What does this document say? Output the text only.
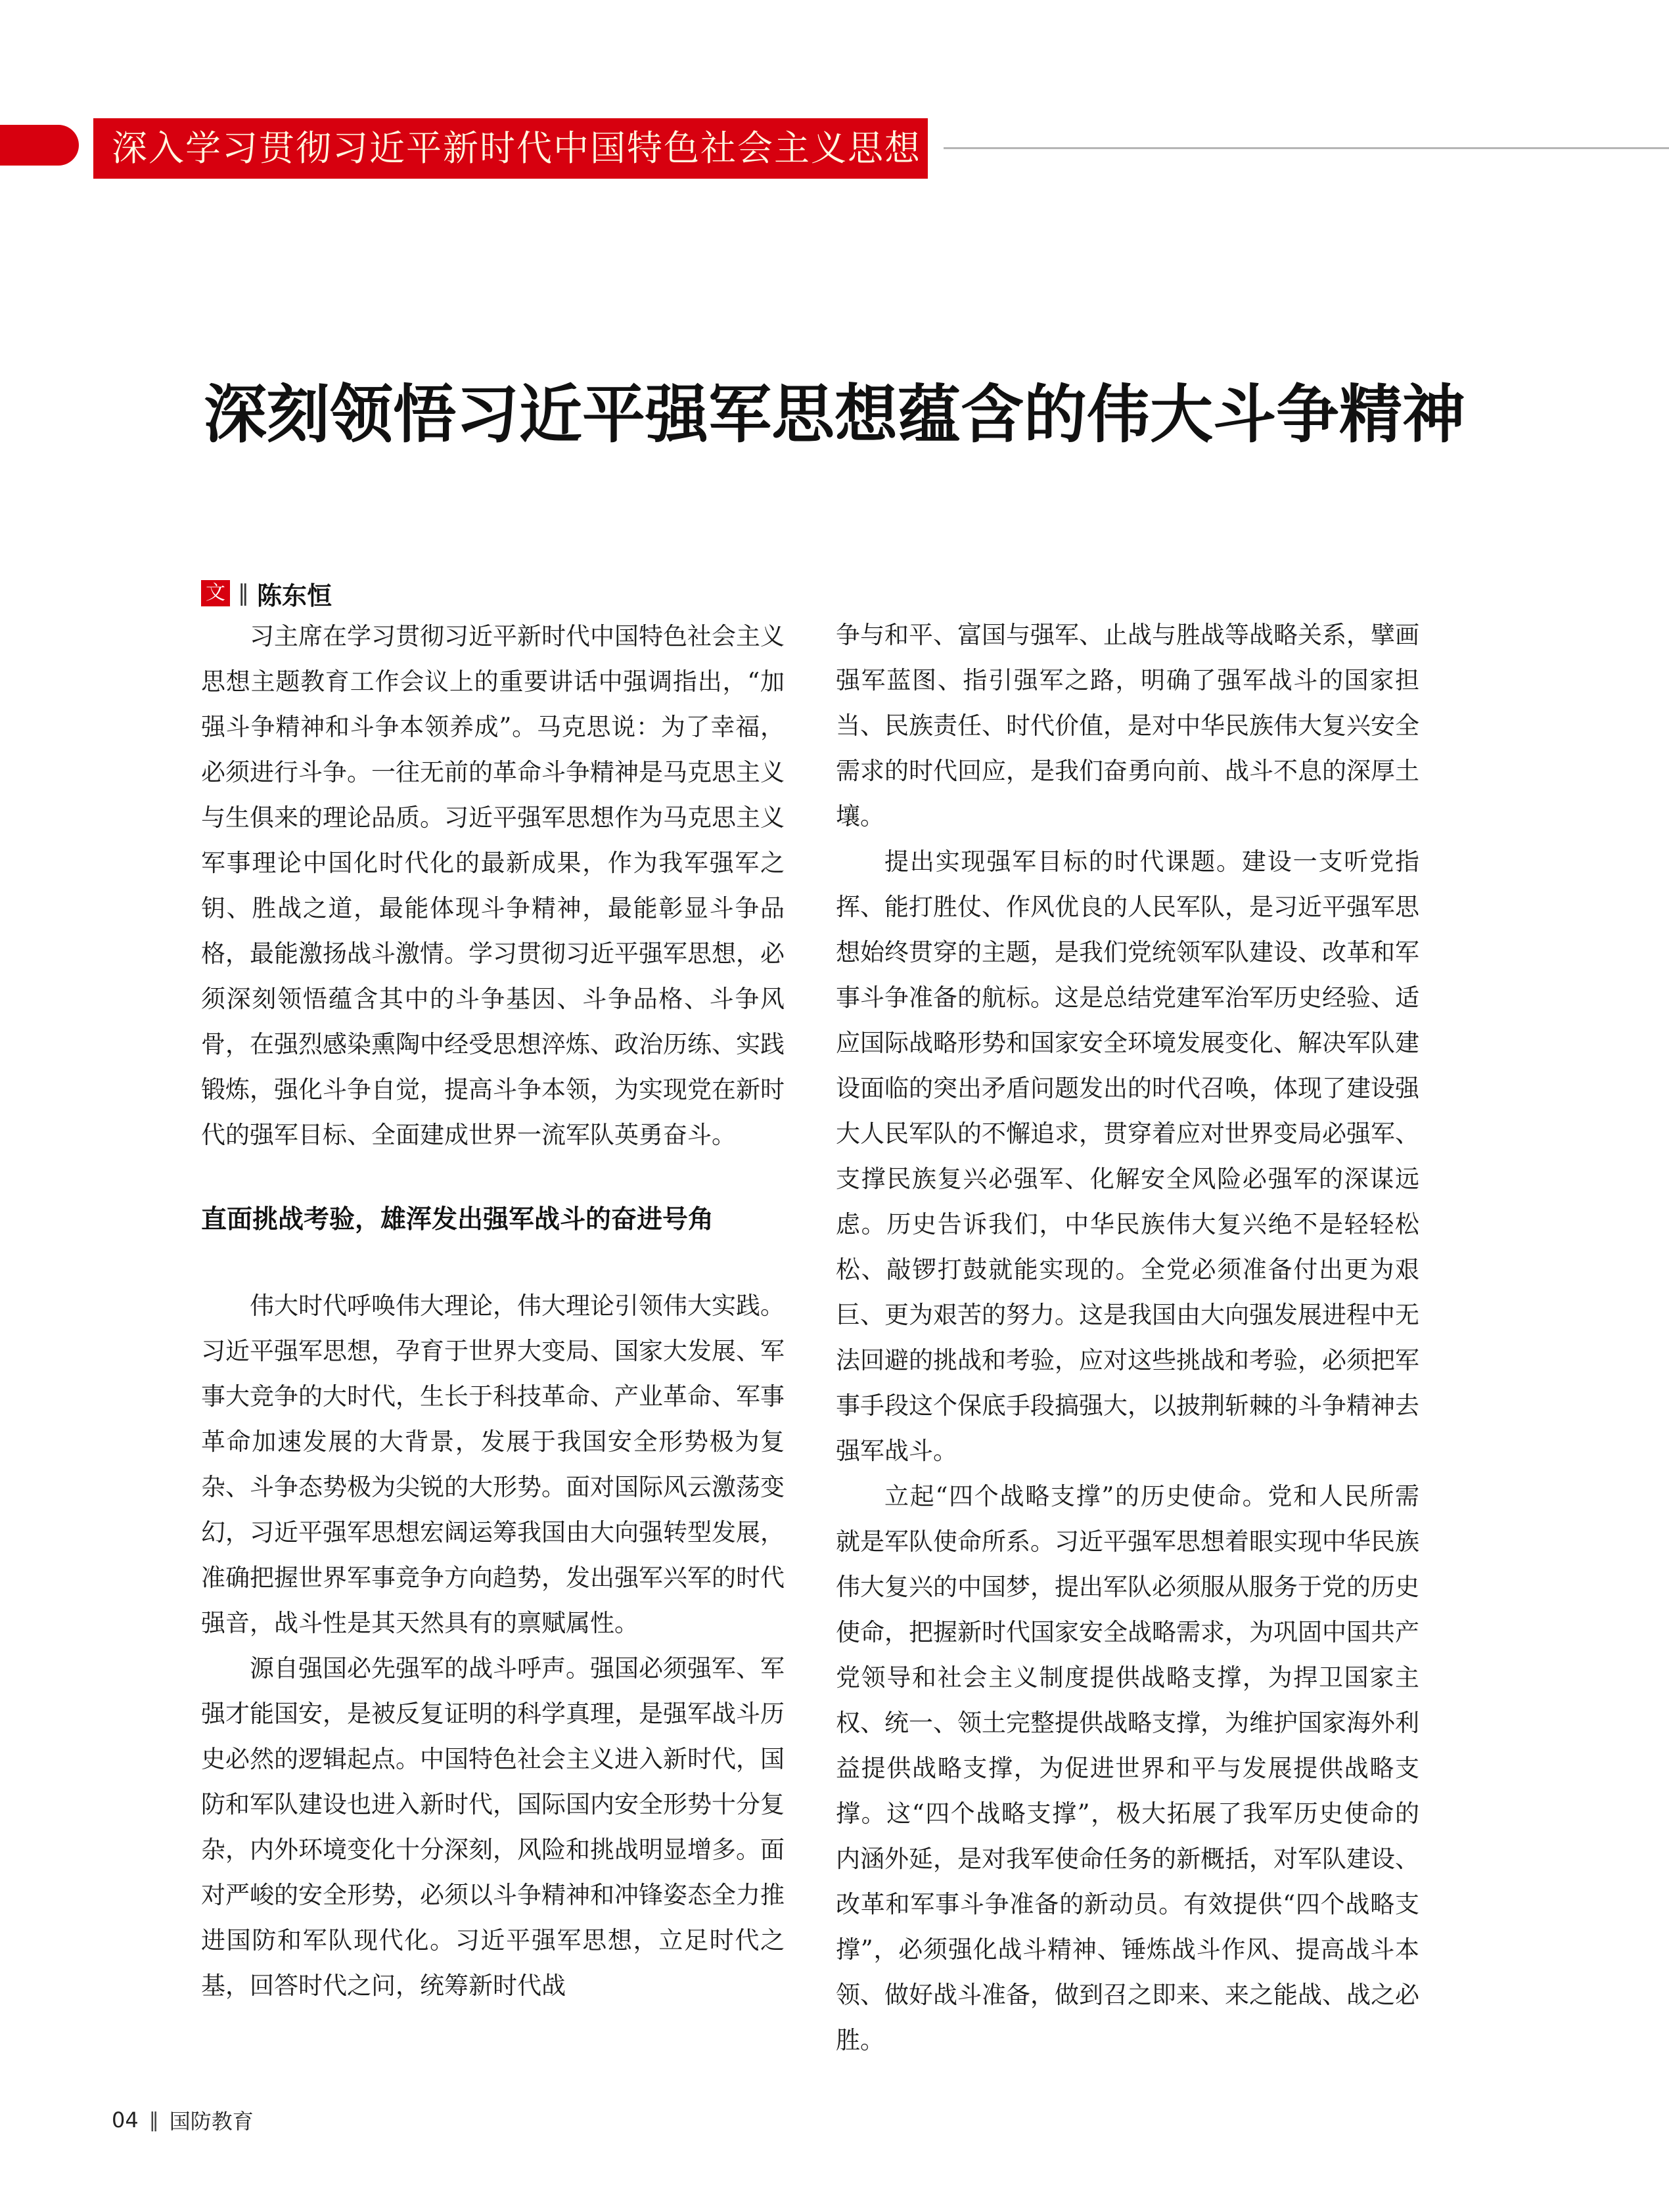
深入学习贯彻习近平新时代中国特色社会主义思想
深刻领悟习近平强军思想蕴含的伟大斗争精神
文 ‖ 陈东恒

习主席在学习贯彻习近平新时代中国特色社会主义思想主题教育工作会议上的重要讲话中强调指出，“加强斗争精神和斗争本领养成”。马克思说：为了幸福，必须进行斗争。一往无前的革命斗争精神是马克思主义与生俱来的理论品质。习近平强军思想作为马克思主义军事理论中国化时代化的最新成果，作为我军强军之钥、胜战之道，最能体现斗争精神，最能彰显斗争品格，最能激扬战斗激情。学习贯彻习近平强军思想，必须深刻领悟蕴含其中的斗争基因、斗争品格、斗争风骨，在强烈感染熏陶中经受思想淬炼、政治历练、实践锻炼，强化斗争自觉，提高斗争本领，为实现党在新时代的强军目标、全面建成世界一流军队英勇奋斗。

直面挑战考验，雄浑发出强军战斗的奋进号角

伟大时代呼唤伟大理论，伟大理论引领伟大实践。习近平强军思想，孕育于世界大变局、国家大发展、军事大竞争的大时代，生长于科技革命、产业革命、军事革命加速发展的大背景，发展于我国安全形势极为复杂、斗争态势极为尖锐的大形势。面对国际风云激荡变幻，习近平强军思想宏阔运筹我国由大向强转型发展，准确把握世界军事竞争方向趋势，发出强军兴军的时代强音，战斗性是其天然具有的禀赋属性。

源自强国必先强军的战斗呼声。强国必须强军、军强才能国安，是被反复证明的科学真理，是强军战斗历史必然的逻辑起点。中国特色社会主义进入新时代，国防和军队建设也进入新时代，国际国内安全形势十分复杂，内外环境变化十分深刻，风险和挑战明显增多。面对严峻的安全形势，必须以斗争精神和冲锋姿态全力推进国防和军队现代化。习近平强军思想，立足时代之基，回答时代之问，统筹新时代战

争与和平、富国与强军、止战与胜战等战略关系，擘画强军蓝图、指引强军之路，明确了强军战斗的国家担当、民族责任、时代价值，是对中华民族伟大复兴安全需求的时代回应，是我们奋勇向前、战斗不息的深厚土壤。

提出实现强军目标的时代课题。建设一支听党指挥、能打胜仗、作风优良的人民军队，是习近平强军思想始终贯穿的主题，是我们党统领军队建设、改革和军事斗争准备的航标。这是总结党建军治军历史经验、适应国际战略形势和国家安全环境发展变化、解决军队建设面临的突出矛盾问题发出的时代召唤，体现了建设强大人民军队的不懈追求，贯穿着应对世界变局必强军、支撑民族复兴必强军、化解安全风险必强军的深谋远虑。历史告诉我们，中华民族伟大复兴绝不是轻轻松松、敲锣打鼓就能实现的。全党必须准备付出更为艰巨、更为艰苦的努力。这是我国由大向强发展进程中无法回避的挑战和考验，应对这些挑战和考验，必须把军事手段这个保底手段搞强大，以披荆斩棘的斗争精神去强军战斗。

立起“四个战略支撑”的历史使命。党和人民所需就是军队使命所系。习近平强军思想着眼实现中华民族伟大复兴的中国梦，提出军队必须服从服务于党的历史使命，把握新时代国家安全战略需求，为巩固中国共产党领导和社会主义制度提供战略支撑，为捍卫国家主权、统一、领土完整提供战略支撑，为维护国家海外利益提供战略支撑，为促进世界和平与发展提供战略支撑。这“四个战略支撑”，极大拓展了我军历史使命的内涵外延，是对我军使命任务的新概括，对军队建设、改革和军事斗争准备的新动员。有效提供“四个战略支撑”，必须强化战斗精神、锤炼战斗作风、提高战斗本领、做好战斗准备，做到召之即来、来之能战、战之必胜。

04 ‖ 国防教育
